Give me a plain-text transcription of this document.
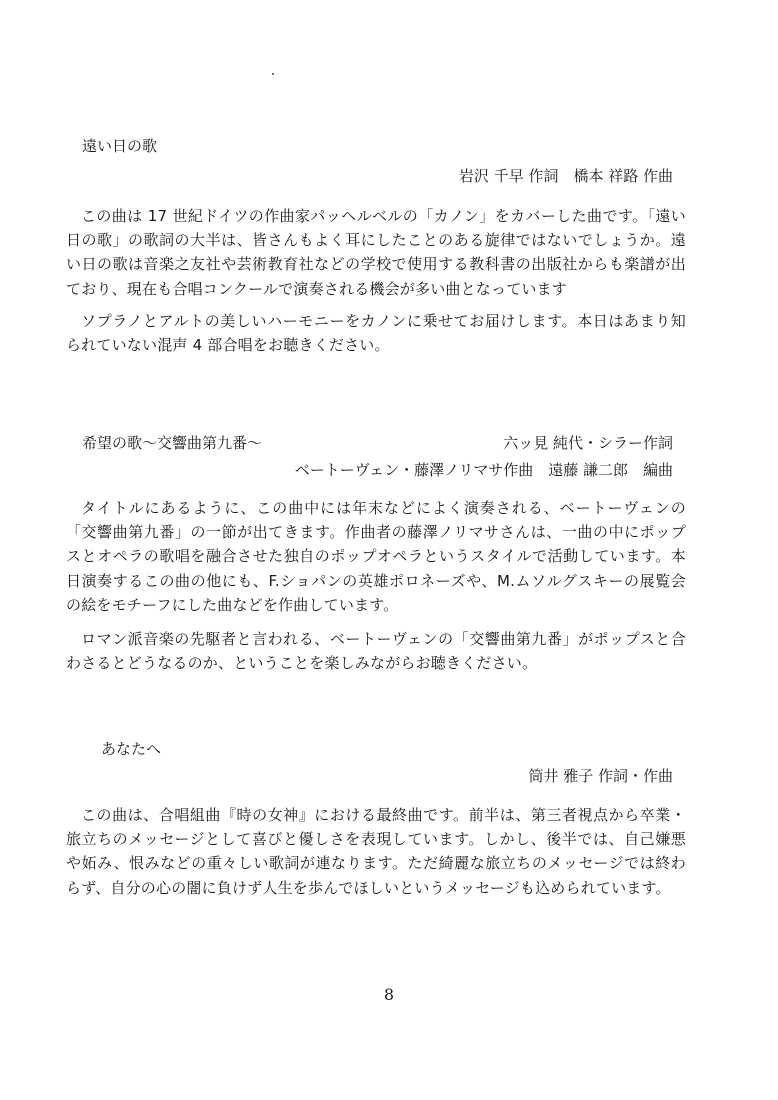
遠い日の歌
岩沢 千早 作詞　橋本 祥路 作曲
この曲は 17 世紀ドイツの作曲家パッヘルベルの「カノン」をカバーした曲です。「遠い日の歌」の歌詞の大半は、皆さんもよく耳にしたことのある旋律ではないでしょうか。遠い日の歌は音楽之友社や芸術教育社などの学校で使用する教科書の出版社からも楽譜が出ており、現在も合唱コンクールで演奏される機会が多い曲となっています
ソプラノとアルトの美しいハーモニーをカノンに乗せてお届けします。本日はあまり知られていない混声 4 部合唱をお聴きください。
希望の歌〜交響曲第九番〜	六ッ見 純代・シラー作詞
ベートーヴェン・藤澤ノリマサ作曲　遠藤 謙二郎　編曲
タイトルにあるように、この曲中には年末などによく演奏される、ベートーヴェンの「交響曲第九番」の一節が出てきます。作曲者の藤澤ノリマサさんは、一曲の中にポップスとオペラの歌唱を融合させた独自のポップオペラというスタイルで活動しています。本日演奏するこの曲の他にも、F.ショパンの英雄ポロネーズや、M.ムソルグスキーの展覧会の絵をモチーフにした曲などを作曲しています。
ロマン派音楽の先駆者と言われる、ベートーヴェンの「交響曲第九番」がポップスと合わさるとどうなるのか、ということを楽しみながらお聴きください。
あなたへ
筒井 雅子 作詞・作曲
この曲は、合唱組曲『時の女神』における最終曲です。前半は、第三者視点から卒業・旅立ちのメッセージとして喜びと優しさを表現しています。しかし、後半では、自己嫌悪や妬み、恨みなどの重々しい歌詞が連なります。ただ綺麗な旅立ちのメッセージでは終わらず、自分の心の闇に負けず人生を歩んでほしいというメッセージも込められています。
8
